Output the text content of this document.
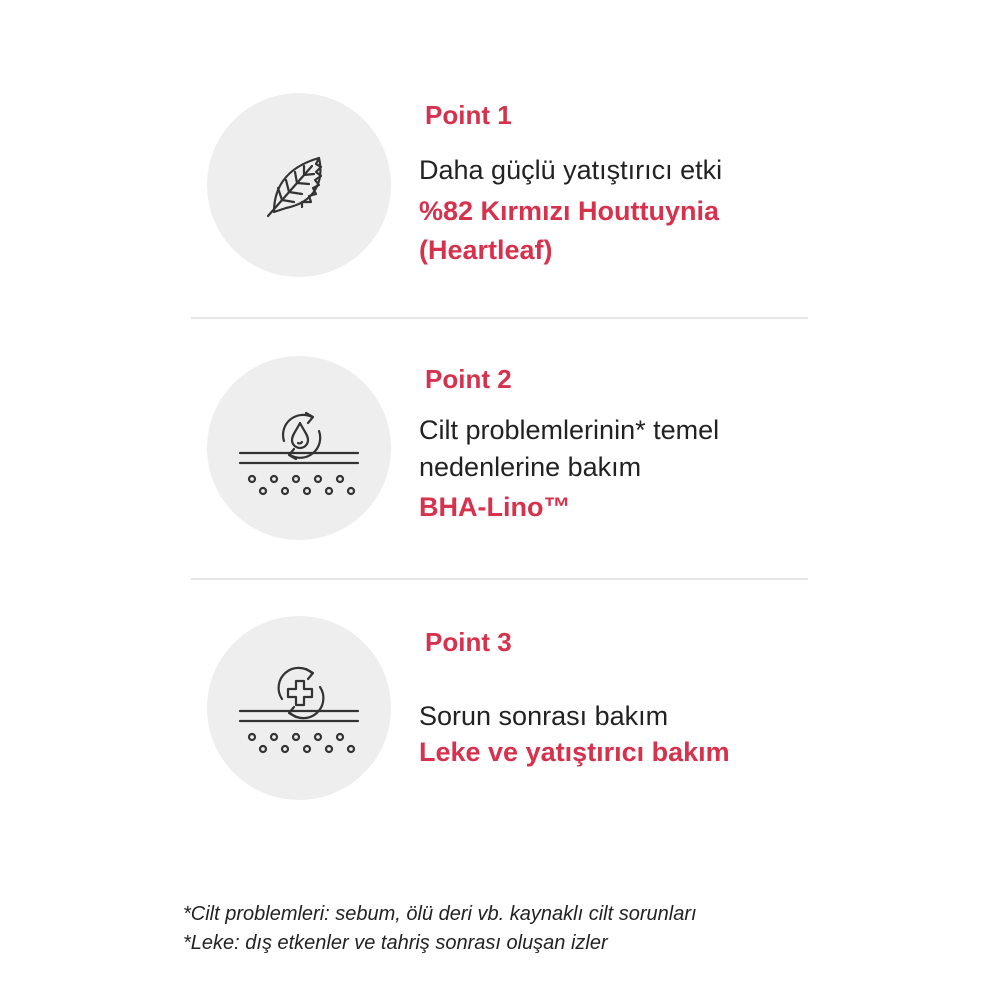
Point 1
Daha güçlü yatıştırıcı etki
%82 Kırmızı Houttuynia
(Heartleaf)
Point 2
Cilt problemlerinin* temel
nedenlerine bakım
BHA-Lino™
Point 3
Sorun sonrası bakım
Leke ve yatıştırıcı bakım
*Cilt problemleri: sebum, ölü deri vb. kaynaklı cilt sorunları
*Leke: dış etkenler ve tahriş sonrası oluşan izler
